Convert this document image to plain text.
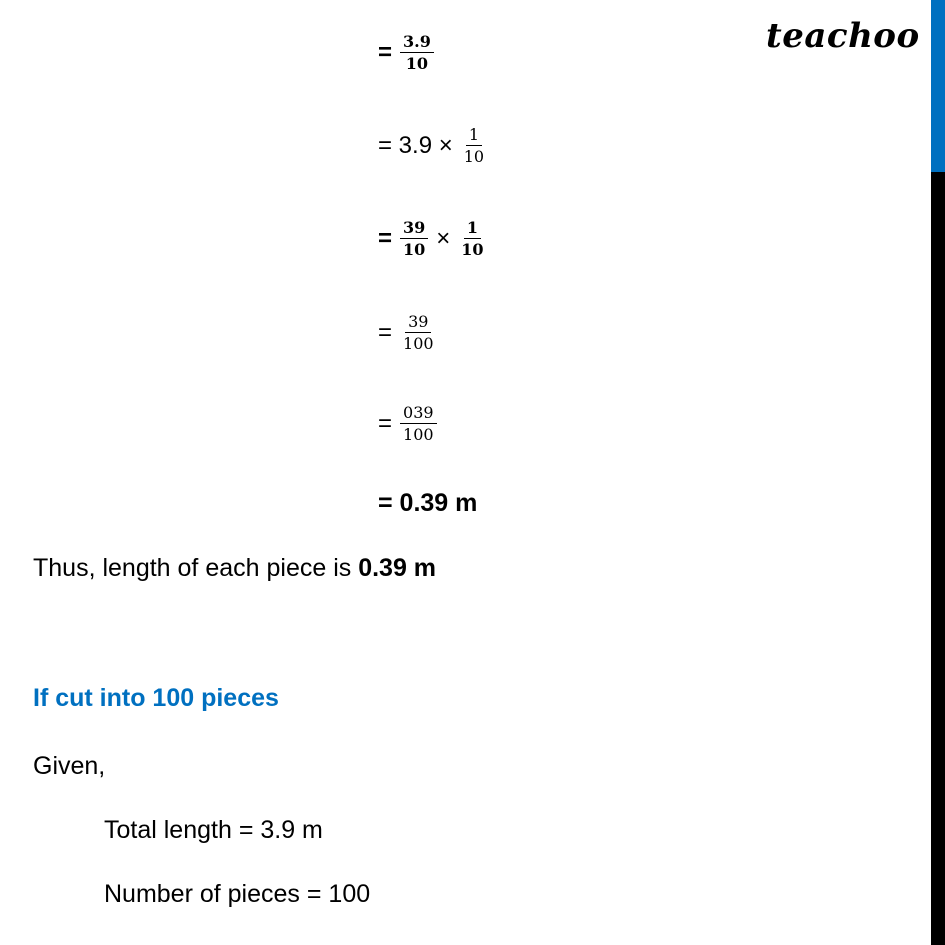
teachoo
= $\frac{3.9}{10}$
= $3.9 \times \frac{1}{10}$
= $\frac{39}{10} \times \frac{1}{10}$
= $\frac{39}{100}$
= $\frac{039}{100}$
= 0.39 m
Thus, length of each piece is 0.39 m
If cut into 100 pieces
Given,
Total length = 3.9 m
Number of pieces = 100
